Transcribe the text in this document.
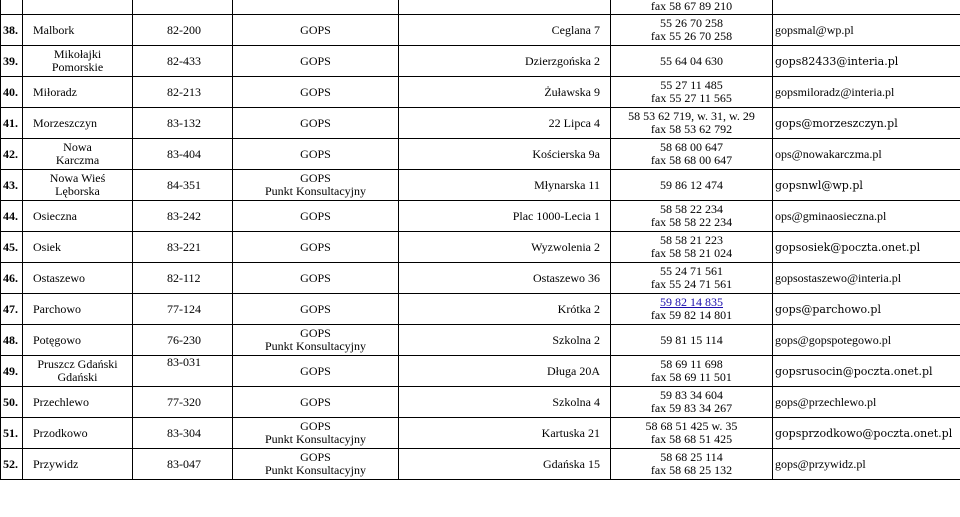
					fax 58 67 89 210	

38.	Malbork	82-200	GOPS	Ceglana 7	55 26 70 258
fax 55 26 70 258	gopsmal@wp.pl
39.	Mikołajki
Pomorskie	82-433	GOPS	Dzierzgońska 2	55 64 04 630	gops82433@interia.pl
40.	Miłoradz	82-213	GOPS	Żuławska 9	55 27 11 485
fax 55 27 11 565	gopsmiloradz@interia.pl
41.	Morzeszczyn	83-132	GOPS	22 Lipca 4	58 53 62 719, w. 31, w. 29
fax 58 53 62 792	gops@morzeszczyn.pl
42.	Nowa
Karczma	83-404	GOPS	Kościerska 9a	58 68 00 647
fax 58 68 00 647	ops@nowakarczma.pl
43.	Nowa Wieś
Lęborska	84-351	GOPS
Punkt Konsultacyjny	Młynarska 11	59 86 12 474	gopsnwl@wp.pl
44.	Osieczna	83-242	GOPS	Plac 1000-Lecia 1	58 58 22 234
fax 58 58 22 234	ops@gminaosieczna.pl
45.	Osiek	83-221	GOPS	Wyzwolenia 2	58 58 21 223
fax 58 58 21 024	gopsosiek@poczta.onet.pl
46.	Ostaszewo	82-112	GOPS	Ostaszewo 36	55 24 71 561
fax 55 24 71 561	gopsostaszewo@interia.pl
47.	Parchowo	77-124	GOPS	Krótka 2	59 82 14 835
fax 59 82 14 801	gops@parchowo.pl
48.	Potęgowo	76-230	GOPS
Punkt Konsultacyjny	Szkolna 2	59 81 15 114	gops@gopspotegowo.pl
49.	Pruszcz Gdański
Gdański	83-031	GOPS	Długa 20A	58 69 11 698
fax 58 69 11 501	gopsrusocin@poczta.onet.pl
50.	Przechlewo	77-320	GOPS	Szkolna 4	59 83 34 604
fax 59 83 34 267	gops@przechlewo.pl
51.	Przodkowo	83-304	GOPS
Punkt Konsultacyjny	Kartuska 21	58 68 51 425 w. 35
fax 58 68 51 425	gopsprzodkowo@poczta.onet.pl
52.	Przywidz	83-047	GOPS
Punkt Konsultacyjny	Gdańska 15	58 68 25 114
fax 58 68 25 132	gops@przywidz.pl
